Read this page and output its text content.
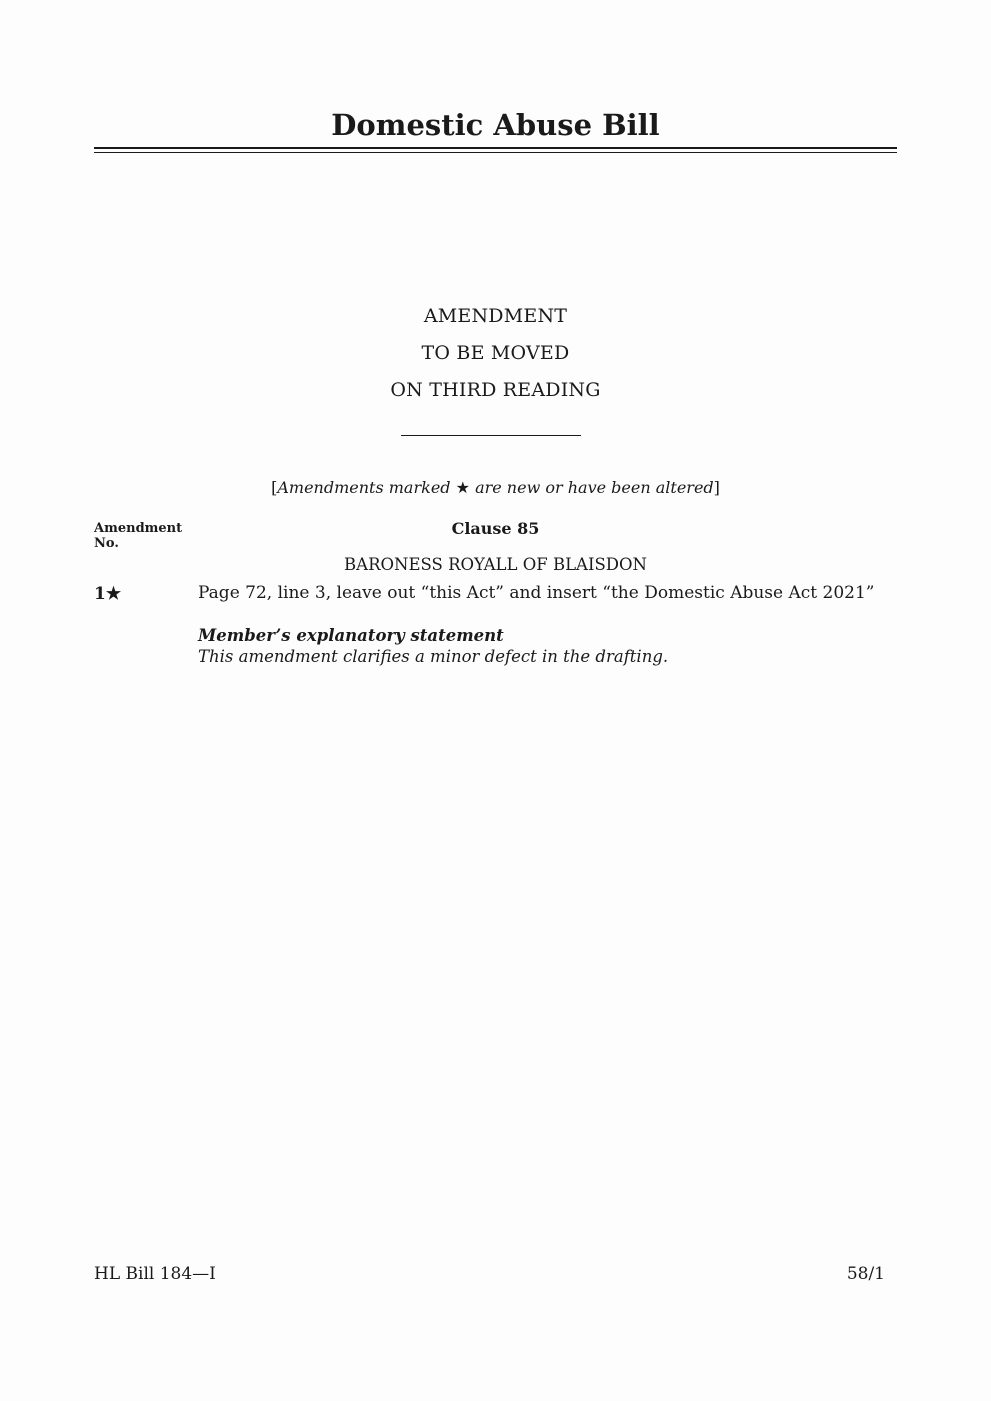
Domestic Abuse Bill
AMENDMENT
TO BE MOVED
ON THIRD READING
[Amendments marked ★ are new or have been altered]
Amendment
No.
Clause 85
BARONESS ROYALL OF BLAISDON
1★	Page 72, line 3, leave out “this Act” and insert “the Domestic Abuse Act 2021”
Member’s explanatory statement
This amendment clarifies a minor defect in the drafting.
HL Bill 184—I	58/1
